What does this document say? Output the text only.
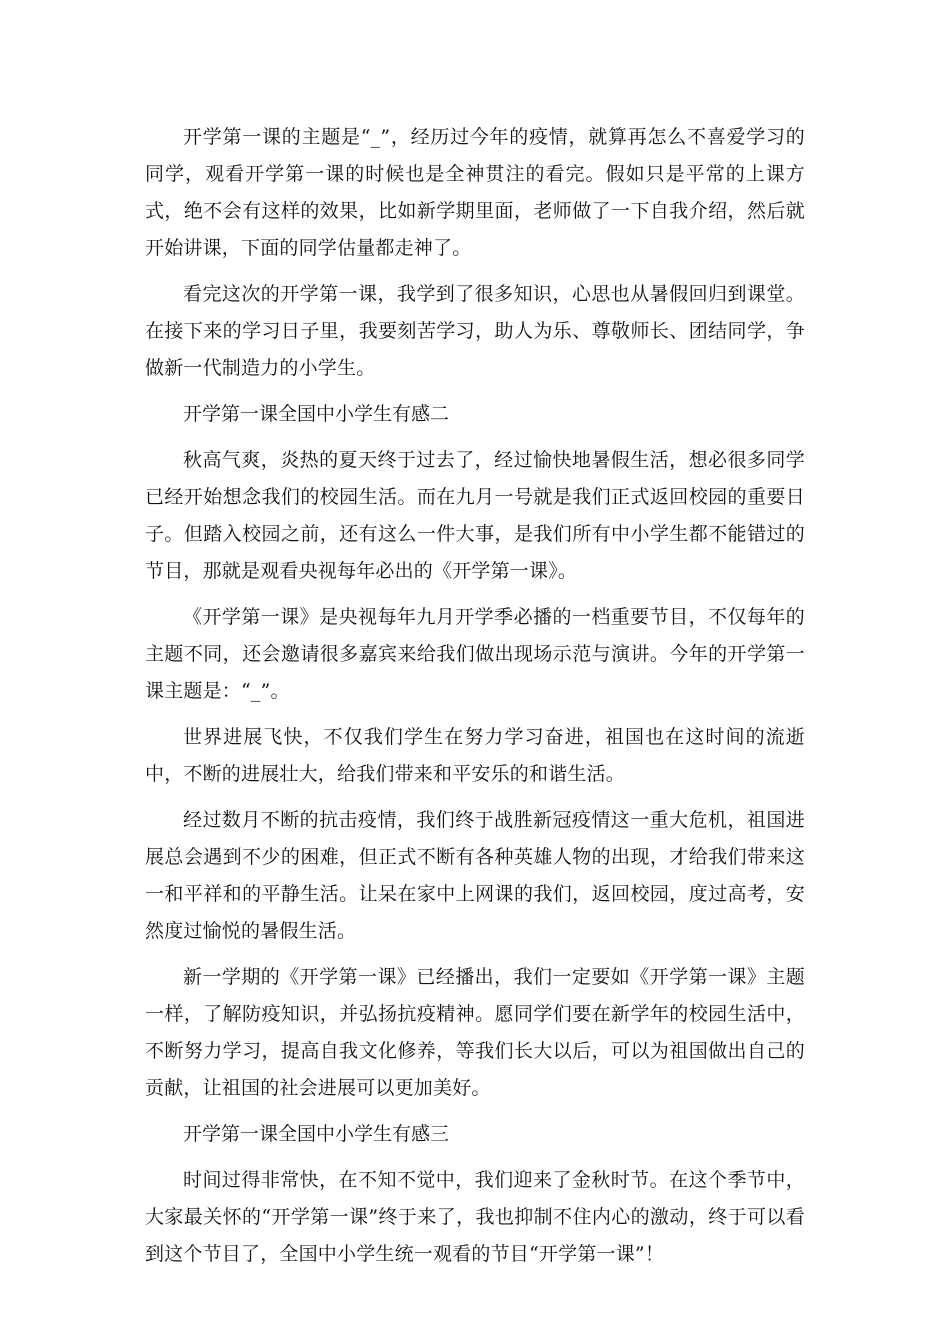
开学第一课的主题是“_”，经历过今年的疫情，就算再怎么不喜爱学习的同学，观看开学第一课的时候也是全神贯注的看完。假如只是平常的上课方式，绝不会有这样的效果，比如新学期里面，老师做了一下自我介绍，然后就开始讲课，下面的同学估量都走神了。

看完这次的开学第一课，我学到了很多知识，心思也从暑假回归到课堂。在接下来的学习日子里，我要刻苦学习，助人为乐、尊敬师长、团结同学，争做新一代制造力的小学生。

开学第一课全国中小学生有感二

秋高气爽，炎热的夏天终于过去了，经过愉快地暑假生活，想必很多同学已经开始想念我们的校园生活。而在九月一号就是我们正式返回校园的重要日子。但踏入校园之前，还有这么一件大事，是我们所有中小学生都不能错过的节目，那就是观看央视每年必出的《开学第一课》。

《开学第一课》是央视每年九月开学季必播的一档重要节目，不仅每年的主题不同，还会邀请很多嘉宾来给我们做出现场示范与演讲。今年的开学第一课主题是：“_”。

世界进展飞快，不仅我们学生在努力学习奋进，祖国也在这时间的流逝中，不断的进展壮大，给我们带来和平安乐的和谐生活。

经过数月不断的抗击疫情，我们终于战胜新冠疫情这一重大危机，祖国进展总会遇到不少的困难，但正式不断有各种英雄人物的出现，才给我们带来这一和平祥和的平静生活。让呆在家中上网课的我们，返回校园，度过高考，安然度过愉悦的暑假生活。

新一学期的《开学第一课》已经播出，我们一定要如《开学第一课》主题一样，了解防疫知识，并弘扬抗疫精神。愿同学们要在新学年的校园生活中，不断努力学习，提高自我文化修养，等我们长大以后，可以为祖国做出自己的贡献，让祖国的社会进展可以更加美好。

开学第一课全国中小学生有感三

时间过得非常快，在不知不觉中，我们迎来了金秋时节。在这个季节中，大家最关怀的“开学第一课”终于来了，我也抑制不住内心的激动，终于可以看到这个节目了，全国中小学生统一观看的节目“开学第一课”！
